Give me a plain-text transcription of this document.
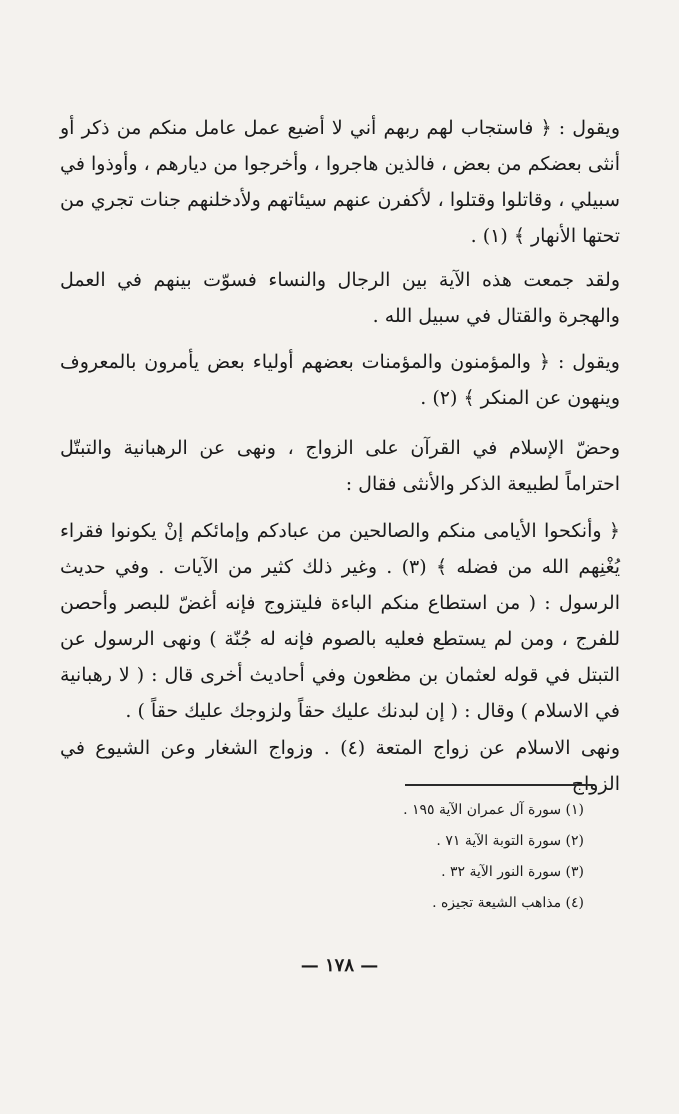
ويقول : ﴿ فاستجاب لهم ربهم أني لا أضيع عمل عامل منكم من ذكر أو أنثى بعضكم من بعض ، فالذين هاجروا ، وأخرجوا من ديارهم ، وأوذوا في سبيلي ، وقاتلوا وقتلوا ، لأكفرن عنهم سيئاتهم ولأدخلنهم جنات تجري من تحتها الأنهار ﴾ (١) .

ولقد جمعت هذه الآية بين الرجال والنساء فسوّت بينهم في العمل والهجرة والقتال في سبيل الله .

ويقول : ﴿ والمؤمنون والمؤمنات بعضهم أولياء بعض يأمرون بالمعروف وينهون عن المنكر ﴾ (٢) .

وحضّ الإسلام في القرآن على الزواج ، ونهى عن الرهبانية والتبتّل احتراماً لطبيعة الذكر والأنثى فقال :

﴿ وأنكحوا الأيامى منكم والصالحين من عبادكم وإمائكم إنْ يكونوا فقراء يُغْنِهم الله من فضله ﴾ (٣) . وغير ذلك كثير من الآيات . وفي حديث الرسول : ( من استطاع منكم الباءة فليتزوج فإنه أغضّ للبصر وأحصن للفرج ، ومن لم يستطع فعليه بالصوم فإنه له جُنّة ) ونهى الرسول عن التبتل في قوله لعثمان بن مظعون وفي أحاديث أخرى قال : ( لا رهبانية في الاسلام ) وقال : ( إن لبدنك عليك حقاً ولزوجك عليك حقاً ) .

ونهى الاسلام عن زواج المتعة (٤) . وزواج الشغار وعن الشيوع في الزواج

(١) سورة آل عمران الآية ١٩٥ .
(٢) سورة التوبة الآية ٧١ .
(٣) سورة النور الآية ٣٢ .
(٤) مذاهب الشيعة تجيزه .
— ١٧٨ —
